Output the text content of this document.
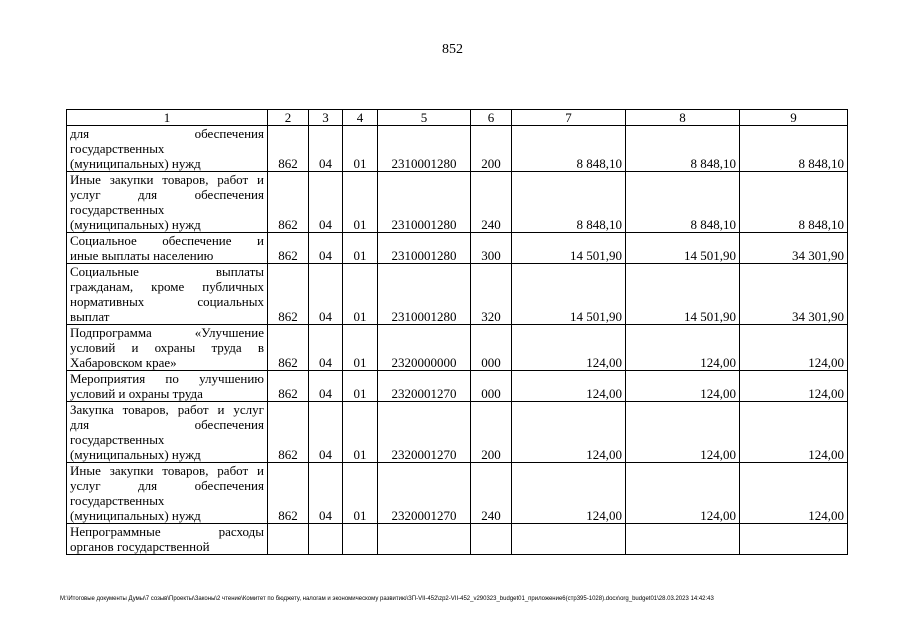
852
1	2	3	4	5	6	7	8	9

для обеспечения
государственных
(муниципальных) нужд	862	04	01	2310001280	200	8 848,10	8 848,10	8 848,10

Иные закупки товаров, работ и
услуг для обеспечения
государственных
(муниципальных) нужд	862	04	01	2310001280	240	8 848,10	8 848,10	8 848,10

Социальное обеспечение и
иные выплаты населению	862	04	01	2310001280	300	14 501,90	14 501,90	34 301,90

Социальные выплаты
гражданам, кроме публичных
нормативных социальных
выплат	862	04	01	2310001280	320	14 501,90	14 501,90	34 301,90

Подпрограмма «Улучшение
условий и охраны труда в
Хабаровском крае»	862	04	01	2320000000	000	124,00	124,00	124,00

Мероприятия по улучшению
условий и охраны труда	862	04	01	2320001270	000	124,00	124,00	124,00

Закупка товаров, работ и услуг
для обеспечения
государственных
(муниципальных) нужд	862	04	01	2320001270	200	124,00	124,00	124,00

Иные закупки товаров, работ и
услуг для обеспечения
государственных
(муниципальных) нужд	862	04	01	2320001270	240	124,00	124,00	124,00

Непрограммные расходы
органов государственной								

M:\Итоговые документы Думы\7 созыв\Проекты\Законы\2 чтение\Комитет по бюджету, налогам и экономическому развитию\ЗП-VII-452\zp2-VII-452_v290323_budget01_приложение6(стр395-1028).docx\org_budget01\28.03.2023 14:42:43
